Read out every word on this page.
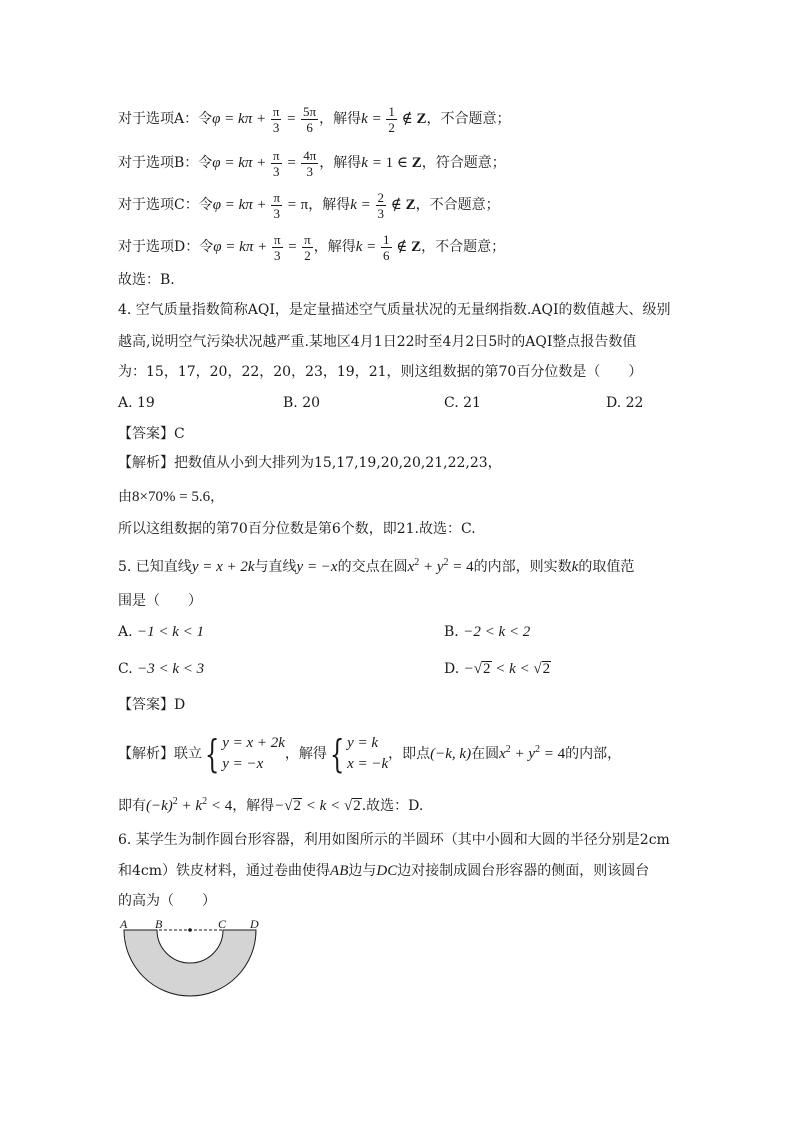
对于选项A：令$\varphi = k\pi + \frac{\pi}{3} = \frac{5\pi}{6}$ ，解得$k = \frac{1}{2}$ ∉ Z，不合题意；
对于选项B：令$\varphi = k\pi + \frac{\pi}{3} = \frac{4\pi}{3}$ ，解得k = 1 ∈ Z，符合题意；
对于选项C：令$\varphi = k\pi + \frac{\pi}{3} = \pi$，解得$k = \frac{2}{3}$ ∉ Z，不合题意；
对于选项D：令$\varphi = k\pi + \frac{\pi}{3} = \frac{\pi}{2}$ ，解得$k = \frac{1}{6}$ ∉ Z，不合题意；
故选：B.
4. 空气质量指数简称AQI，是定量描述空气质量状况的无量纲指数.AQI的数值越大、级别
越高,说明空气污染状况越严重.某地区4月1日22时至4月2日5时的AQI整点报告数值
为：15，17，20，22，20，23，19，21，则这组数据的第70百分位数是（　　）
A. 19	B. 20	C. 21	D. 22
【答案】C
【解析】把数值从小到大排列为15,17,19,20,20,21,22,23，
由8×70% = 5.6，
所以这组数据的第70百分位数是第6个数，即21.故选：C.
5. 已知直线y = x + 2k与直线y = −x的交点在圆$x^2 + y^2 = 4$的内部，则实数k的取值范
围是（　　）
A. −1 < k < 1	B. −2 < k < 2
C. −3 < k < 3	D. −√2 < k < √2
【答案】D
【解析】联立{ y = x + 2k
y = −x
，解得{ y = k
x = −k
，即点(−k, k)在圆$x^2 + y^2 = 4$的内部，
即有$(-k)^2 + k^2 < 4$，解得−√2 < k < √2.故选：D.
6. 某学生为制作圆台形容器，利用如图所示的半圆环（其中小圆和大圆的半径分别是2cm
和4cm）铁皮材料，通过卷曲使得AB边与DC边对接制成圆台形容器的侧面，则该圆台
的高为（　　）
A B	C D
